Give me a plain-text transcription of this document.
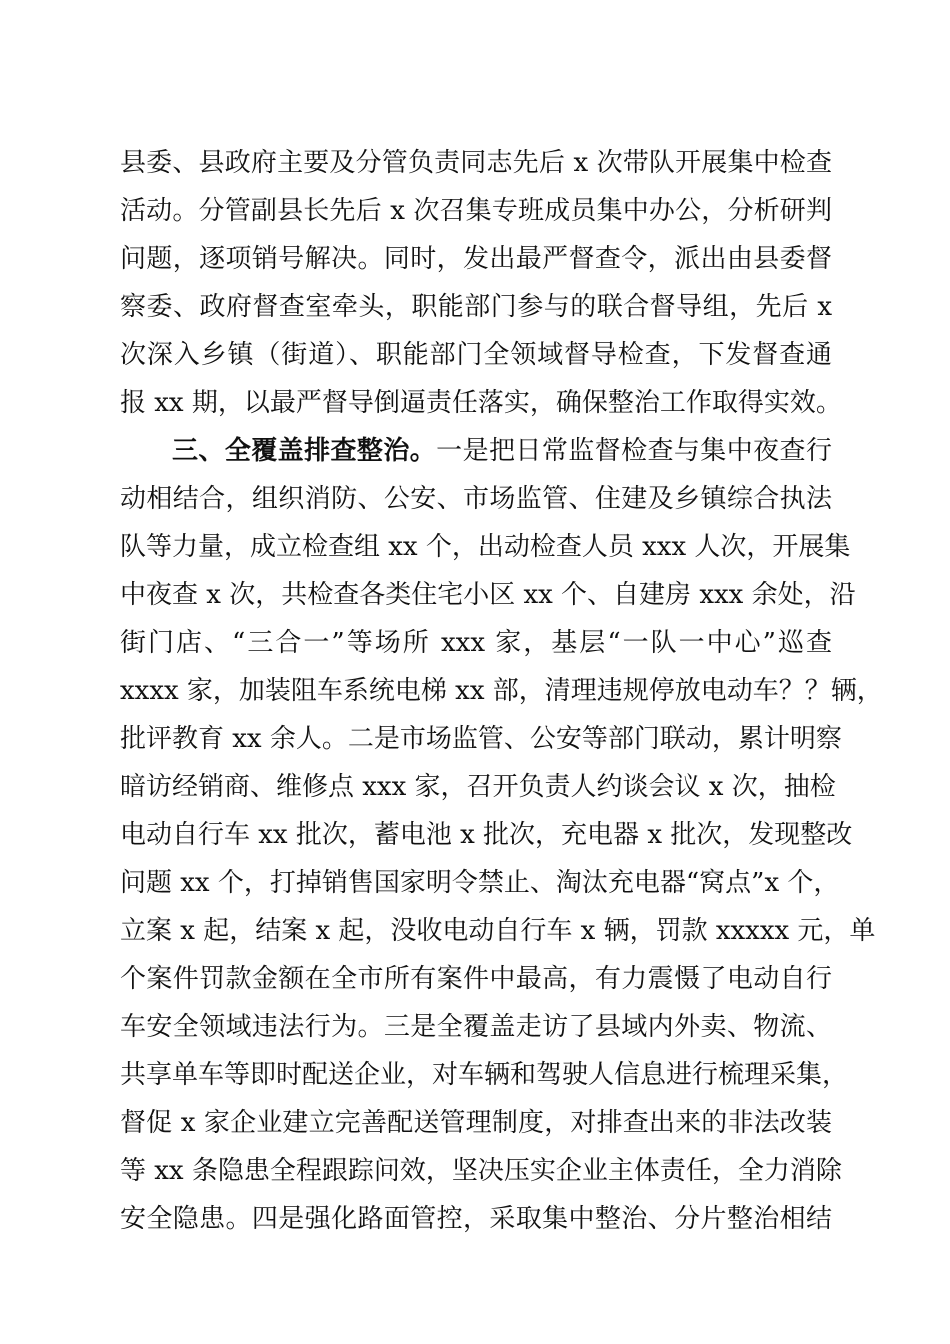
县委、县政府主要及分管负责同志先后 x 次带队开展集中检查
活动。分管副县长先后 x 次召集专班成员集中办公，分析研判
问题，逐项销号解决。同时，发出最严督查令，派出由县委督
察委、政府督查室牵头，职能部门参与的联合督导组，先后 x
次深入乡镇（街道）、职能部门全领域督导检查，下发督查通
报 xx 期，以最严督导倒逼责任落实，确保整治工作取得实效。
三、全覆盖排查整治。一是把日常监督检查与集中夜查行
动相结合，组织消防、公安、市场监管、住建及乡镇综合执法
队等力量，成立检查组 xx 个，出动检查人员 xxx 人次，开展集
中夜查 x 次，共检查各类住宅小区 xx 个、自建房 xxx 余处，沿
街门店、“三合一”等场所 xxx 家，基层“一队一中心”巡查
xxxx 家，加装阻车系统电梯 xx 部，清理违规停放电动车？？辆，
批评教育 xx 余人。二是市场监管、公安等部门联动，累计明察
暗访经销商、维修点 xxx 家，召开负责人约谈会议 x 次，抽检
电动自行车 xx 批次，蓄电池 x 批次，充电器 x 批次，发现整改
问题 xx 个，打掉销售国家明令禁止、淘汰充电器“窝点”x 个，
立案 x 起，结案 x 起，没收电动自行车 x 辆，罚款 xxxxx 元，单
个案件罚款金额在全市所有案件中最高，有力震慑了电动自行
车安全领域违法行为。三是全覆盖走访了县域内外卖、物流、
共享单车等即时配送企业，对车辆和驾驶人信息进行梳理采集，
督促 x 家企业建立完善配送管理制度，对排查出来的非法改装
等 xx 条隐患全程跟踪问效，坚决压实企业主体责任，全力消除
安全隐患。四是强化路面管控，采取集中整治、分片整治相结
